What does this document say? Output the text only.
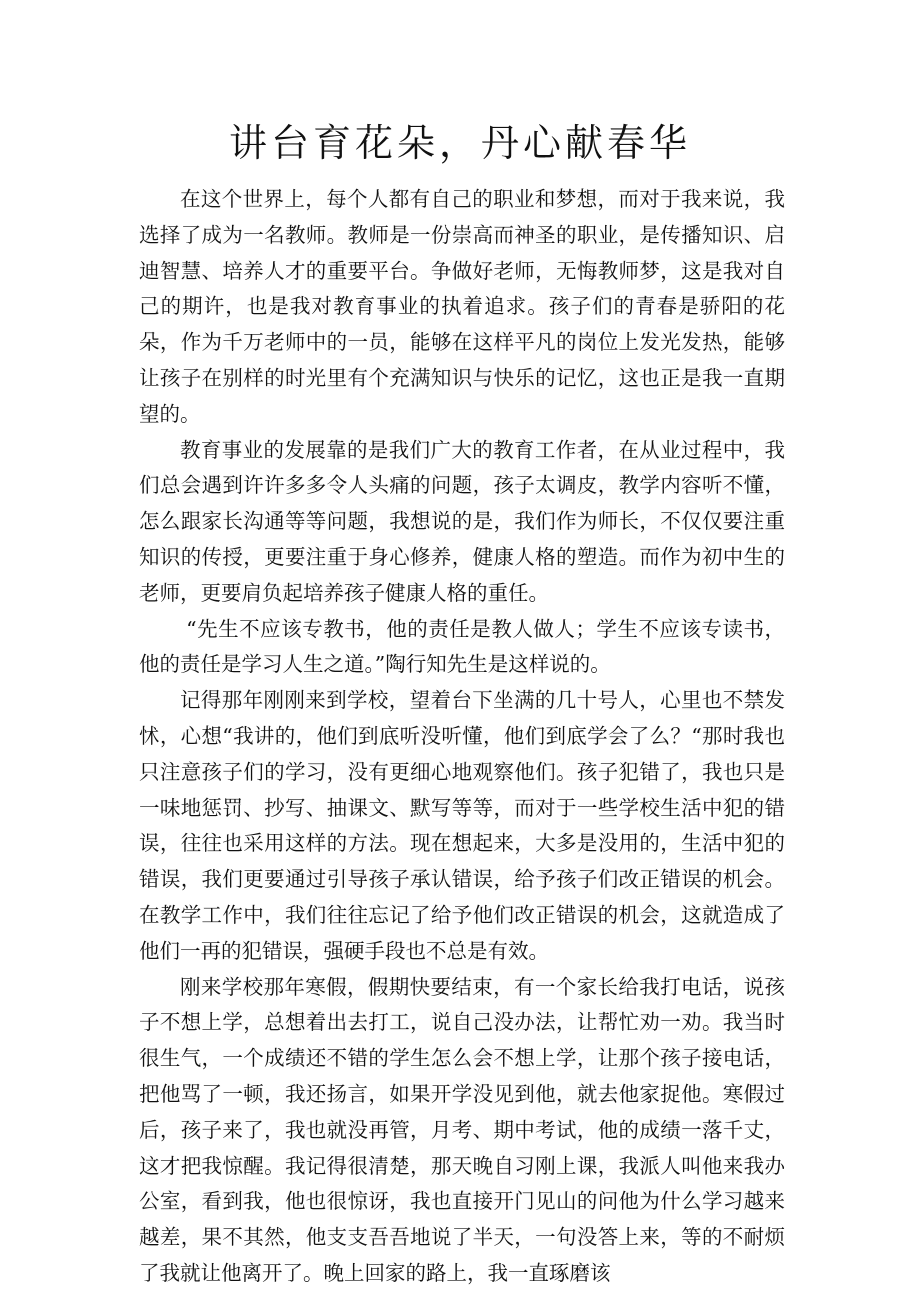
讲台育花朵，丹心献春华

在这个世界上，每个人都有自己的职业和梦想，而对于我来说，我选择了成为一名教师。教师是一份崇高而神圣的职业，是传播知识、启迪智慧、培养人才的重要平台。争做好老师，无悔教师梦，这是我对自己的期许，也是我对教育事业的执着追求。孩子们的青春是骄阳的花朵，作为千万老师中的一员，能够在这样平凡的岗位上发光发热，能够让孩子在别样的时光里有个充满知识与快乐的记忆，这也正是我一直期望的。

教育事业的发展靠的是我们广大的教育工作者，在从业过程中，我们总会遇到许许多多令人头痛的问题，孩子太调皮，教学内容听不懂，怎么跟家长沟通等等问题，我想说的是，我们作为师长，不仅仅要注重知识的传授，更要注重于身心修养，健康人格的塑造。而作为初中生的老师，更要肩负起培养孩子健康人格的重任。

“先生不应该专教书，他的责任是教人做人；学生不应该专读书，他的责任是学习人生之道。”陶行知先生是这样说的。

记得那年刚刚来到学校，望着台下坐满的几十号人，心里也不禁发怵，心想“我讲的，他们到底听没听懂，他们到底学会了么？“那时我也只注意孩子们的学习，没有更细心地观察他们。孩子犯错了，我也只是一味地惩罚、抄写、抽课文、默写等等，而对于一些学校生活中犯的错误，往往也采用这样的方法。现在想起来，大多是没用的，生活中犯的错误，我们更要通过引导孩子承认错误，给予孩子们改正错误的机会。在教学工作中，我们往往忘记了给予他们改正错误的机会，这就造成了他们一再的犯错误，强硬手段也不总是有效。

刚来学校那年寒假，假期快要结束，有一个家长给我打电话，说孩子不想上学，总想着出去打工，说自己没办法，让帮忙劝一劝。我当时很生气，一个成绩还不错的学生怎么会不想上学，让那个孩子接电话，把他骂了一顿，我还扬言，如果开学没见到他，就去他家捉他。寒假过后，孩子来了，我也就没再管，月考、期中考试，他的成绩一落千丈，这才把我惊醒。我记得很清楚，那天晚自习刚上课，我派人叫他来我办公室，看到我，他也很惊讶，我也直接开门见山的问他为什么学习越来越差，果不其然，他支支吾吾地说了半天，一句没答上来，等的不耐烦了我就让他离开了。晚上回家的路上，我一直琢磨该
